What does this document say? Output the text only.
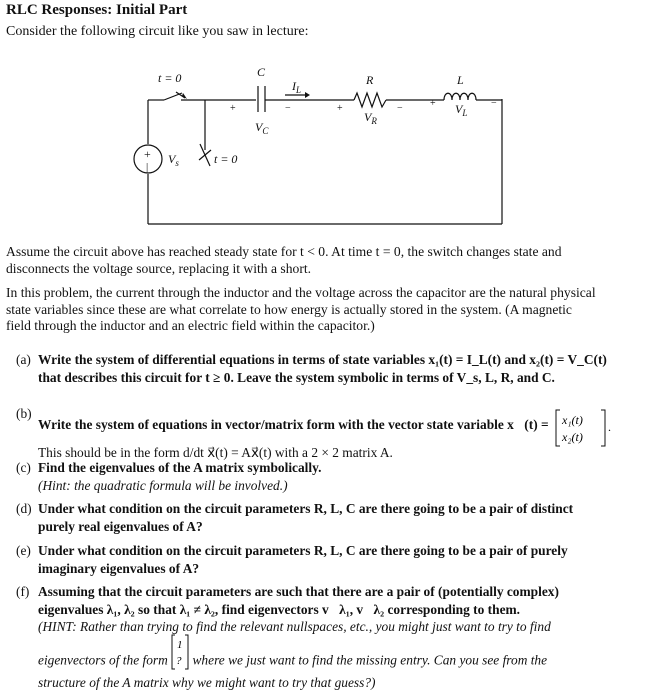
RLC Responses: Initial Part
Consider the following circuit like you saw in lecture:
t = 0
t = 0
C
+	−
$V_C$
$I_L$
R
+	−
$V_R$
L
+	−
$V_L$
+
|
$V_s$
Assume the circuit above has reached steady state for t < 0. At time t = 0, the switch changes state and
disconnects the voltage source, replacing it with a short.
In this problem, the current through the inductor and the voltage across the capacitor are the natural physical
state variables since these are what correlate to how energy is actually stored in the system. (A magnetic
field through the inductor and an electric field within the capacitor.)
(a) Write the system of differential equations in terms of state variables x₁(t) = I_L(t) and x₂(t) = V_C(t)
that describes this circuit for t ≥ 0. Leave the system symbolic in terms of V_s, L, R, and C.
(b)
Write the system of equations in vector/matrix form with the vector state variable x⃗(t) = x₁(t)
x₂(t)
.
This should be in the form d/dt x⃗(t) = Ax⃗(t) with a 2 × 2 matrix A.
(c) Find the eigenvalues of the A matrix symbolically.
(Hint: the quadratic formula will be involved.)
(d) Under what condition on the circuit parameters R, L, C are there going to be a pair of distinct
purely real eigenvalues of A?
(e) Under what condition on the circuit parameters R, L, C are there going to be a pair of purely
imaginary eigenvalues of A?
(f) Assuming that the circuit parameters are such that there are a pair of (potentially complex)
eigenvalues λ₁, λ₂ so that λ₁ ≠ λ₂, find eigenvectors v⃗λ₁, v⃗λ₂ corresponding to them.
(HINT: Rather than trying to find the relevant nullspaces, etc., you might just want to try to find
eigenvectors of the form
1
? where we just want to find the missing entry. Can you see from the
structure of the A matrix why we might want to try that guess?)
